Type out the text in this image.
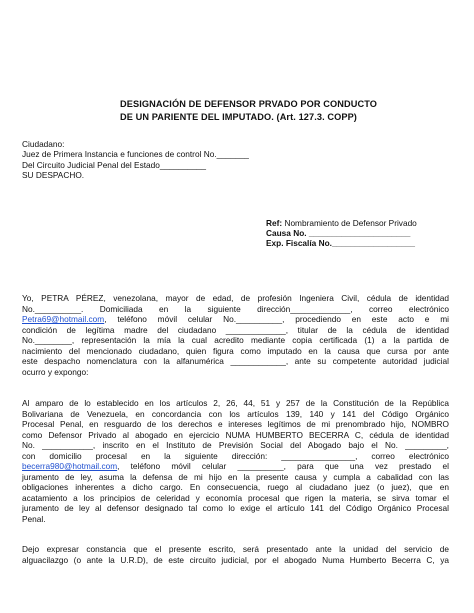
DESIGNACIÓN DE DEFENSOR PRVADO POR CONDUCTO
DE UN PARIENTE DEL IMPUTADO. (Art. 127.3. COPP)
Ciudadano:
Juez de Primera Instancia e funciones de control No._______
Del Circuito Judicial Penal del Estado__________
SU DESPACHO.
Ref: Nombramiento de Defensor Privado
Causa No. ______________________
Exp. Fiscalía No.__________________
Yo, PETRA PÉREZ, venezolana, mayor de edad, de profesión Ingeniera Civil, cédula de identidad
No.__________. Domiciliada en la siguiente dirección_____________, correo electrónico
Petra69@hotmail.com, teléfono móvil celular No.__________, procediendo en este acto e mi
condición de legítima madre del ciudadano _____________, titular de la cédula de identidad
No.________, representación la mía la cual acredito mediante copia certificada (1) a la partida de
nacimiento del mencionado ciudadano, quien figura como imputado en la causa que cursa por ante
este despacho nomenclatura con la alfanumérica ____________, ante su competente autoridad judicial
ocurro y expongo:
Al amparo de lo establecido en los artículos 2, 26, 44, 51 y 257 de la Constitución de la República
Bolivariana de Venezuela, en concordancia con los artículos 139, 140 y 141 del Código Orgánico
Procesal Penal, en resguardo de los derechos e intereses legítimos de mi prenombrado hijo, NOMBRO
como Defensor Privado al abogado en ejercicio NUMA HUMBERTO BECERRA C, cédula de identidad
No. ___________, inscrito en el Instituto de Previsión Social del Abogado bajo el No. _________,
con domicilio procesal en la siguiente dirección: ________________, correo electrónico
becerra980@hotmail.com, teléfono móvil celular __________, para que una vez prestado el
juramento de ley, asuma la defensa de mi hijo en la presente causa y cumpla a cabalidad con las
obligaciones inherentes a dicho cargo. En consecuencia, ruego al ciudadano juez (o juez), que en
acatamiento a los principios de celeridad y economía procesal que rigen la materia, se sirva tomar el
juramento de ley al defensor designado tal como lo exige el artículo 141 del Código Orgánico Procesal
Penal.
Dejo expresar constancia que el presente escrito, será presentado ante la unidad del servicio de
alguacilazgo (o ante la U.R.D), de este circuito judicial, por el abogado Numa Humberto Becerra C, ya
